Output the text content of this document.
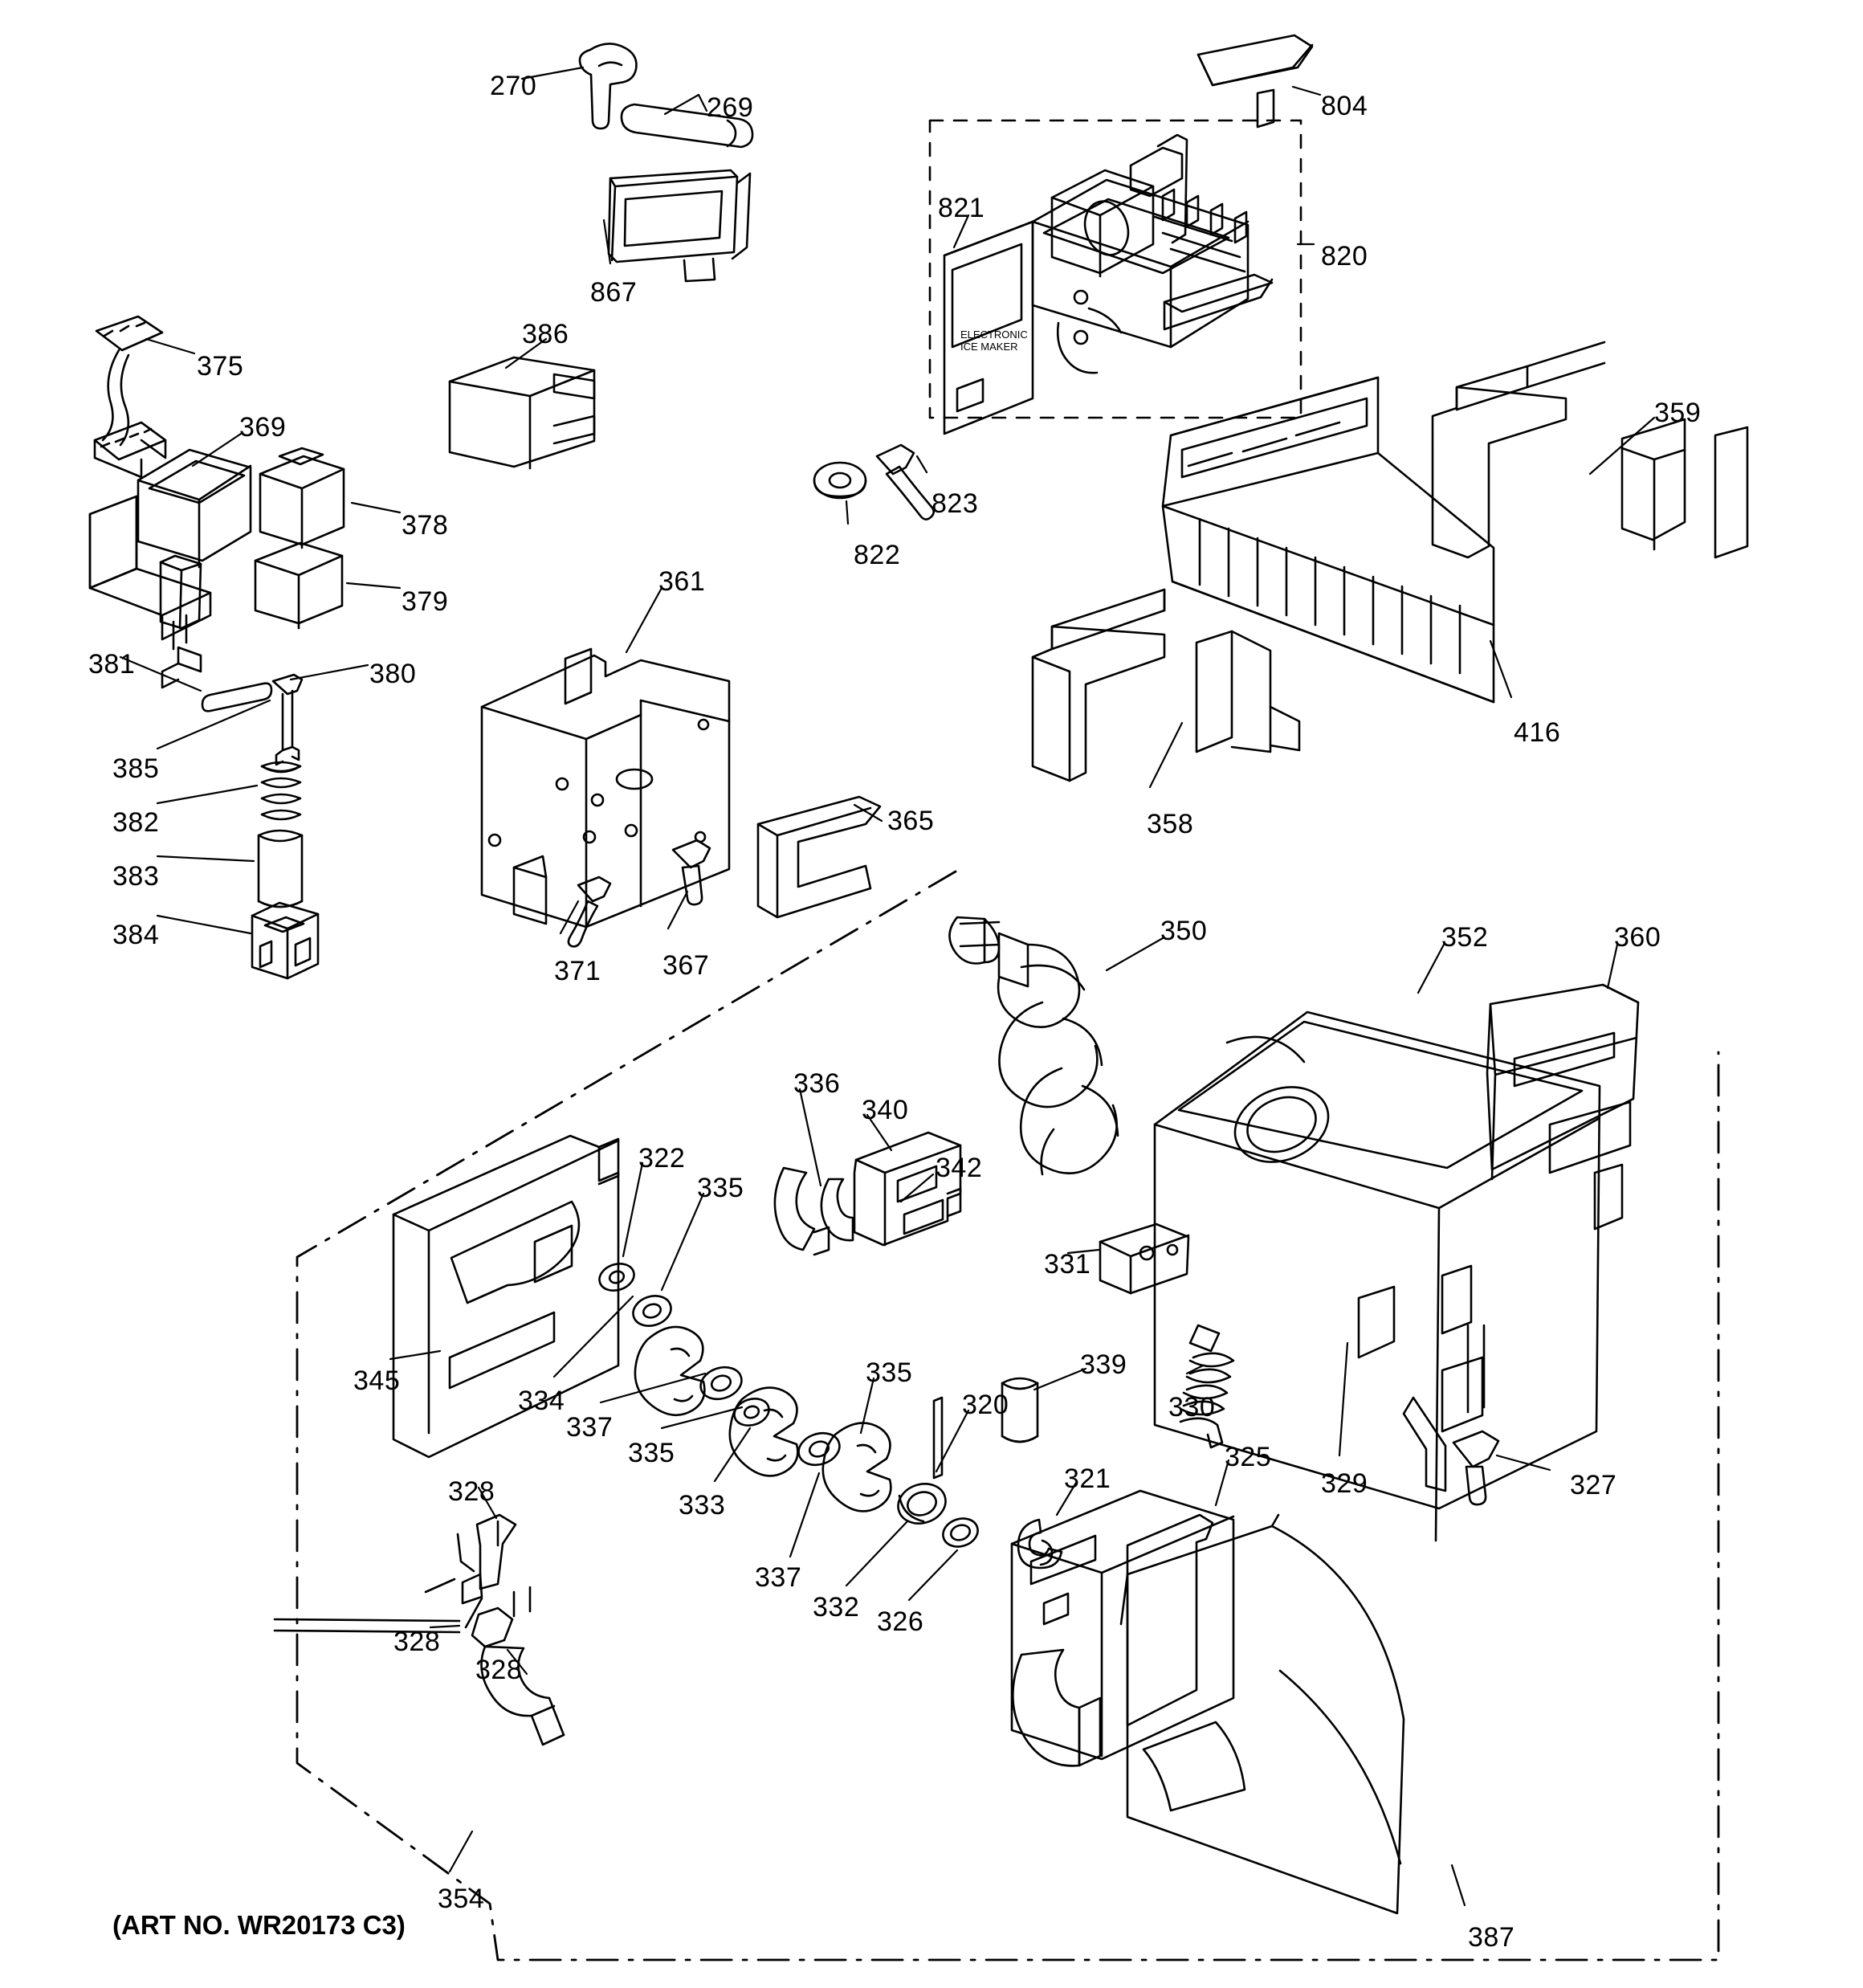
ELECTRONIC
ICE MAKER
270
269	804
821
820
867
386
375
369
823
822
359
378
379
361
381	380
385
382
383
384
416
358
365
371 367
350	352	360
336
340
342
322
335
331
345
334
337
335
333
335
320
339
330
329	327
325
321
337
332 326
328
328
328
354
387
(ART NO. WR20173 C3)
